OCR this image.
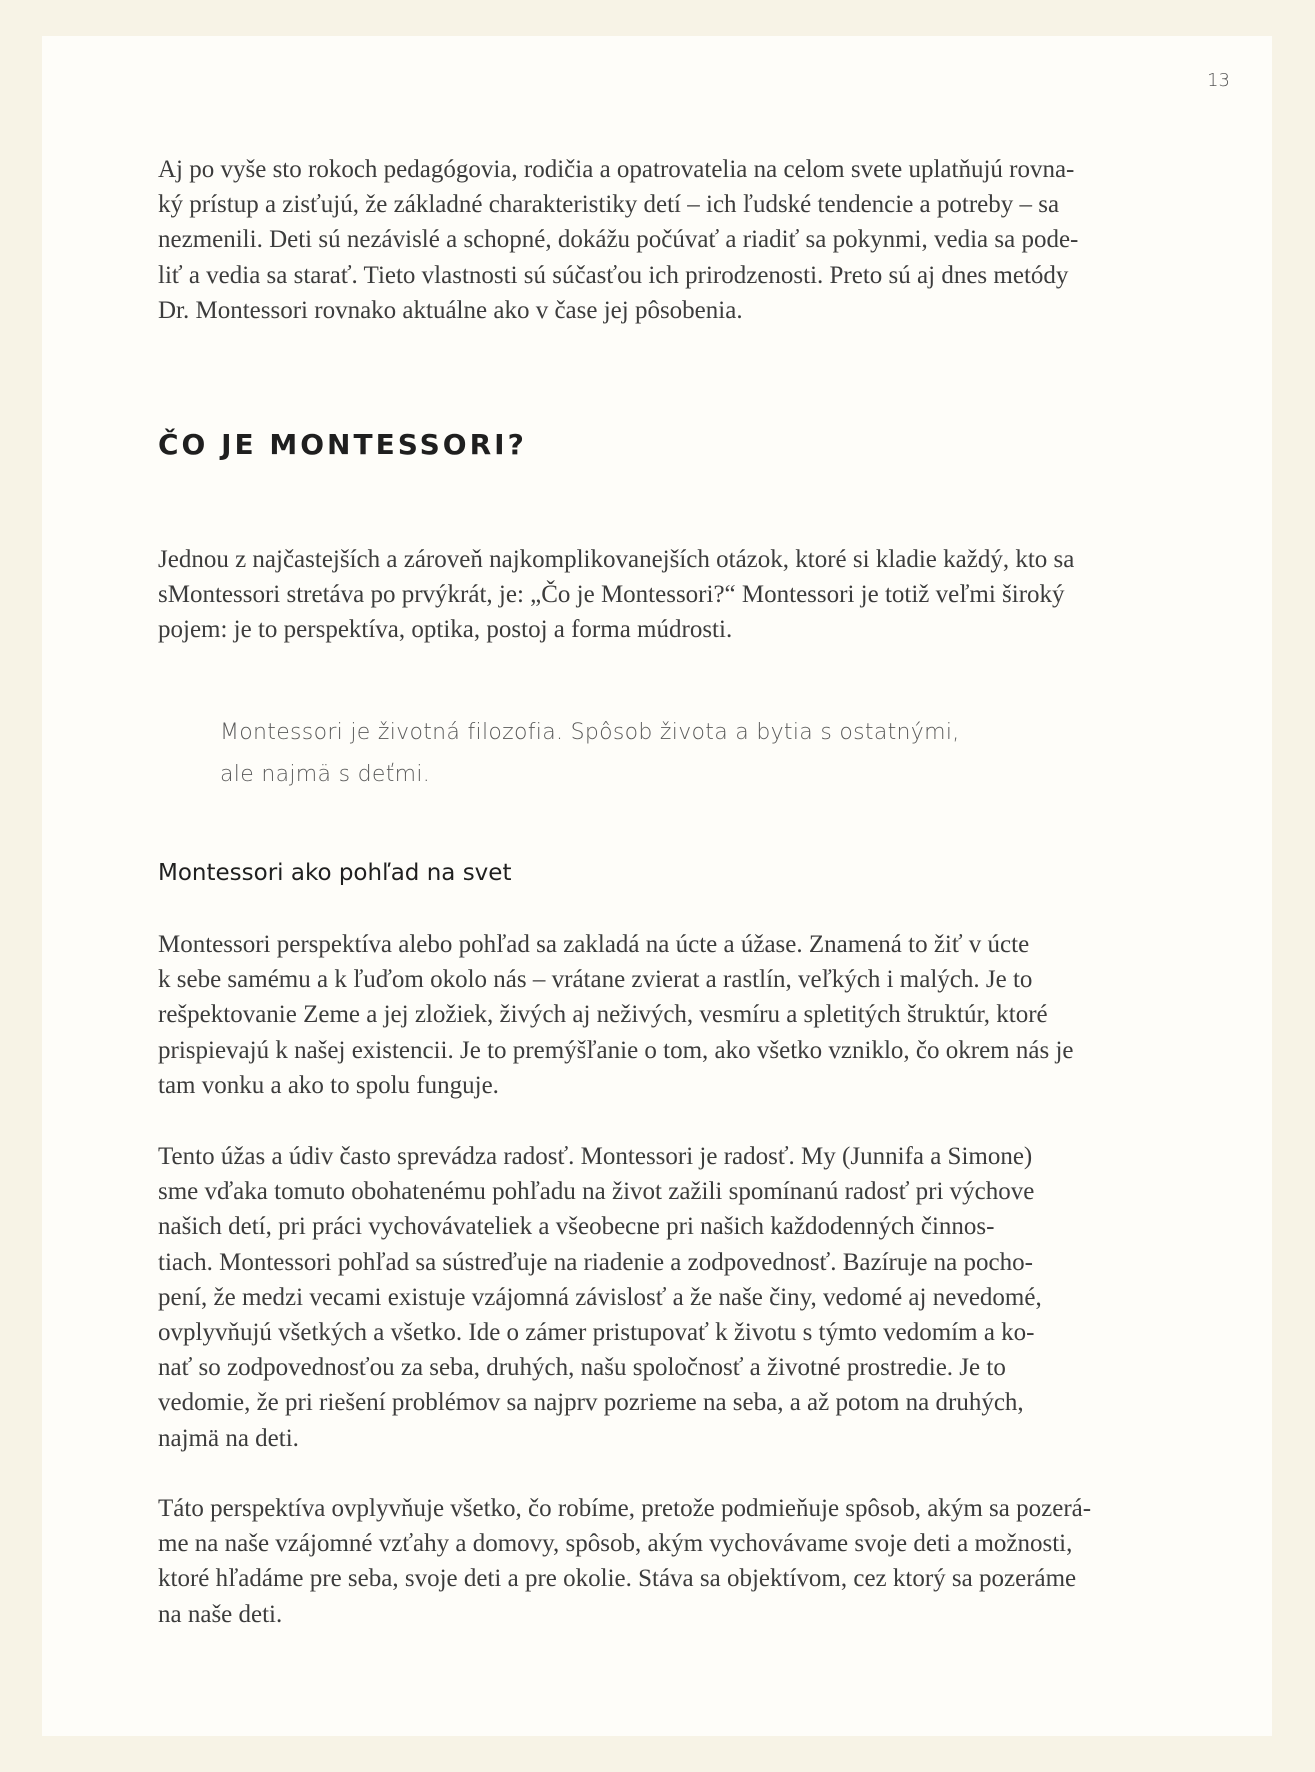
13
Aj po vyše sto rokoch pedagógovia, rodičia a opatrovatelia na celom svete uplatňujú rovna-
ký prístup a zisťujú, že základné charakteristiky detí – ich ľudské tendencie a potreby – sa
nezmenili. Deti sú nezávislé a schopné, dokážu počúvať a riadiť sa pokynmi, vedia sa pode-
liť a vedia sa starať. Tieto vlastnosti sú súčasťou ich prirodzenosti. Preto sú aj dnes metódy
Dr. Montessori rovnako aktuálne ako v čase jej pôsobenia.
ČO JE MONTESSORI?
Jednou z najčastejších a zároveň najkomplikovanejších otázok, ktoré si kladie každý, kto sa
sMontessori stretáva po prvýkrát, je: „Čo je Montessori?“ Montessori je totiž veľmi široký
pojem: je to perspektíva, optika, postoj a forma múdrosti.
Montessori je životná filozofia. Spôsob života a bytia s ostatnými,
ale najmä s deťmi.
Montessori ako pohľad na svet
Montessori perspektíva alebo pohľad sa zakladá na úcte a úžase. Znamená to žiť v úcte
k sebe samému a k ľuďom okolo nás – vrátane zvierat a rastlín, veľkých i malých. Je to
rešpektovanie Zeme a jej zložiek, živých aj neživých, vesmíru a spletitých štruktúr, ktoré
prispievajú k našej existencii. Je to premýšľanie o tom, ako všetko vzniklo, čo okrem nás je
tam vonku a ako to spolu funguje.
Tento úžas a údiv často sprevádza radosť. Montessori je radosť. My (Junnifa a Simone)
sme vďaka tomuto obohatenému pohľadu na život zažili spomínanú radosť pri výchove
našich detí, pri práci vychovávateliek a všeobecne pri našich každodenných činnos-
tiach. Montessori pohľad sa sústreďuje na riadenie a zodpovednosť. Bazíruje na pocho-
pení, že medzi vecami existuje vzájomná závislosť a že naše činy, vedomé aj nevedomé,
ovplyvňujú všetkých a všetko. Ide o zámer pristupovať k životu s týmto vedomím a ko-
nať so zodpovednosťou za seba, druhých, našu spoločnosť a životné prostredie. Je to
vedomie, že pri riešení problémov sa najprv pozrieme na seba, a až potom na druhých,
najmä na deti.
Táto perspektíva ovplyvňuje všetko, čo robíme, pretože podmieňuje spôsob, akým sa pozerá-
me na naše vzájomné vzťahy a domovy, spôsob, akým vychovávame svoje deti a možnosti,
ktoré hľadáme pre seba, svoje deti a pre okolie. Stáva sa objektívom, cez ktorý sa pozeráme
na naše deti.
